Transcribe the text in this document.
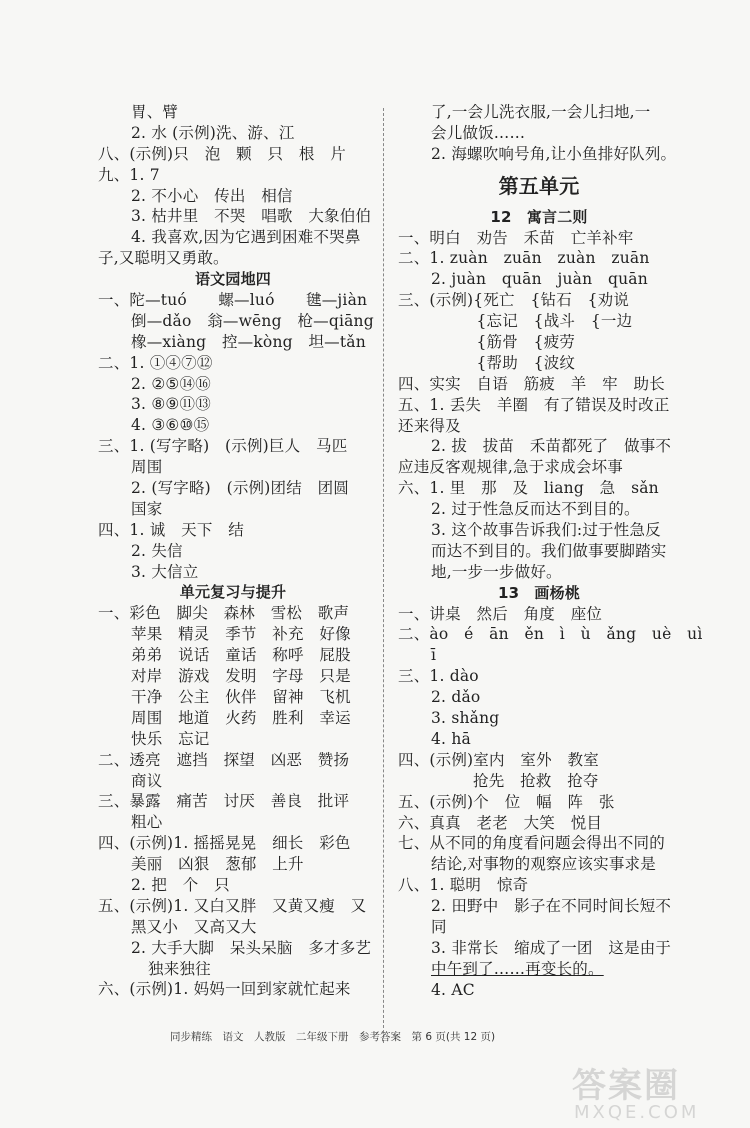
胃、臂
2. 水 (示例)洗、游、江
八、(示例)只　泡　颗　只　根　片
九、1. 7
2. 不小心　传出　相信
3. 枯井里　不哭　唱歌　大象伯伯
4. 我喜欢,因为它遇到困难不哭鼻
子,又聪明又勇敢。
语文园地四
一、陀—tuó　　螺—luó　　毽—jiàn
倒—dǎo　翁—wēng　枪—qiāng
橡—xiàng　控—kòng　坦—tǎn
二、1. ①④⑦⑫
2. ②⑤⑭⑯
3. ⑧⑨⑪⑬
4. ③⑥⑩⑮
三、1. (写字略)　(示例)巨人　马匹
周围
2. (写字略)　(示例)团结　团圆
国家
四、1. 诚　天下　结
2. 失信
3. 大信立
单元复习与提升
一、彩色　脚尖　森林　雪松　歌声
苹果　精灵　季节　补充　好像
弟弟　说话　童话　称呼　屁股
对岸　游戏　发明　字母　只是
干净　公主　伙伴　留神　飞机
周围　地道　火药　胜利　幸运
快乐　忘记
二、透亮　遮挡　探望　凶恶　赞扬
商议
三、暴露　痛苦　讨厌　善良　批评
粗心
四、(示例)1. 摇摇晃晃　细长　彩色
美丽　凶狠　葱郁　上升
2. 把　个　只
五、(示例)1. 又白又胖　又黄又瘦　又
黑又小　又高又大
2. 大手大脚　呆头呆脑　多才多艺
独来独往
六、(示例)1. 妈妈一回到家就忙起来
了,一会儿洗衣服,一会儿扫地,一
会儿做饭……
2. 海螺吹响号角,让小鱼排好队列。
第五单元
12　寓言二则
一、明白　劝告　禾苗　亡羊补牢
二、1. zuàn　zuān　zuàn　zuān
2. juàn　quān　juàn　quān
三、(示例){死亡　{钻石　{劝说
　　　　　{忘记　{战斗　{一边
　　　　　{筋骨　{疲劳
　　　　　{帮助　{波纹
四、实实　自语　筋疲　羊　牢　助长
五、1. 丢失　羊圈　有了错误及时改正
还来得及
2. 拔　拔苗　禾苗都死了　做事不
应违反客观规律,急于求成会坏事
六、1. 里　那　及　liang　急　sǎn
2. 过于性急反而达不到目的。
3. 这个故事告诉我们:过于性急反
而达不到目的。我们做事要脚踏实
地,一步一步做好。
13　画杨桃
一、讲桌　然后　角度　座位
二、ào　é　ān　ěn　ì　ù　ǎng　uè　uì
ī
三、1. dào
2. dǎo
3. shǎng
4. hā
四、(示例)室内　室外　教室
抢先　抢救　抢夺
五、(示例)个　位　幅　阵　张
六、真真　老老　大笑　悦目
七、从不同的角度看问题会得出不同的
结论,对事物的观察应该实事求是
八、1. 聪明　惊奇
2. 田野中　影子在不同时间长短不
同
3. 非常长　缩成了一团　这是由于
中午到了……再变长的。
4. AC
同步精练　语文　人教版　二年级下册　参考答案　第 6 页(共 12 页)
答案圈
MXQE.COM
